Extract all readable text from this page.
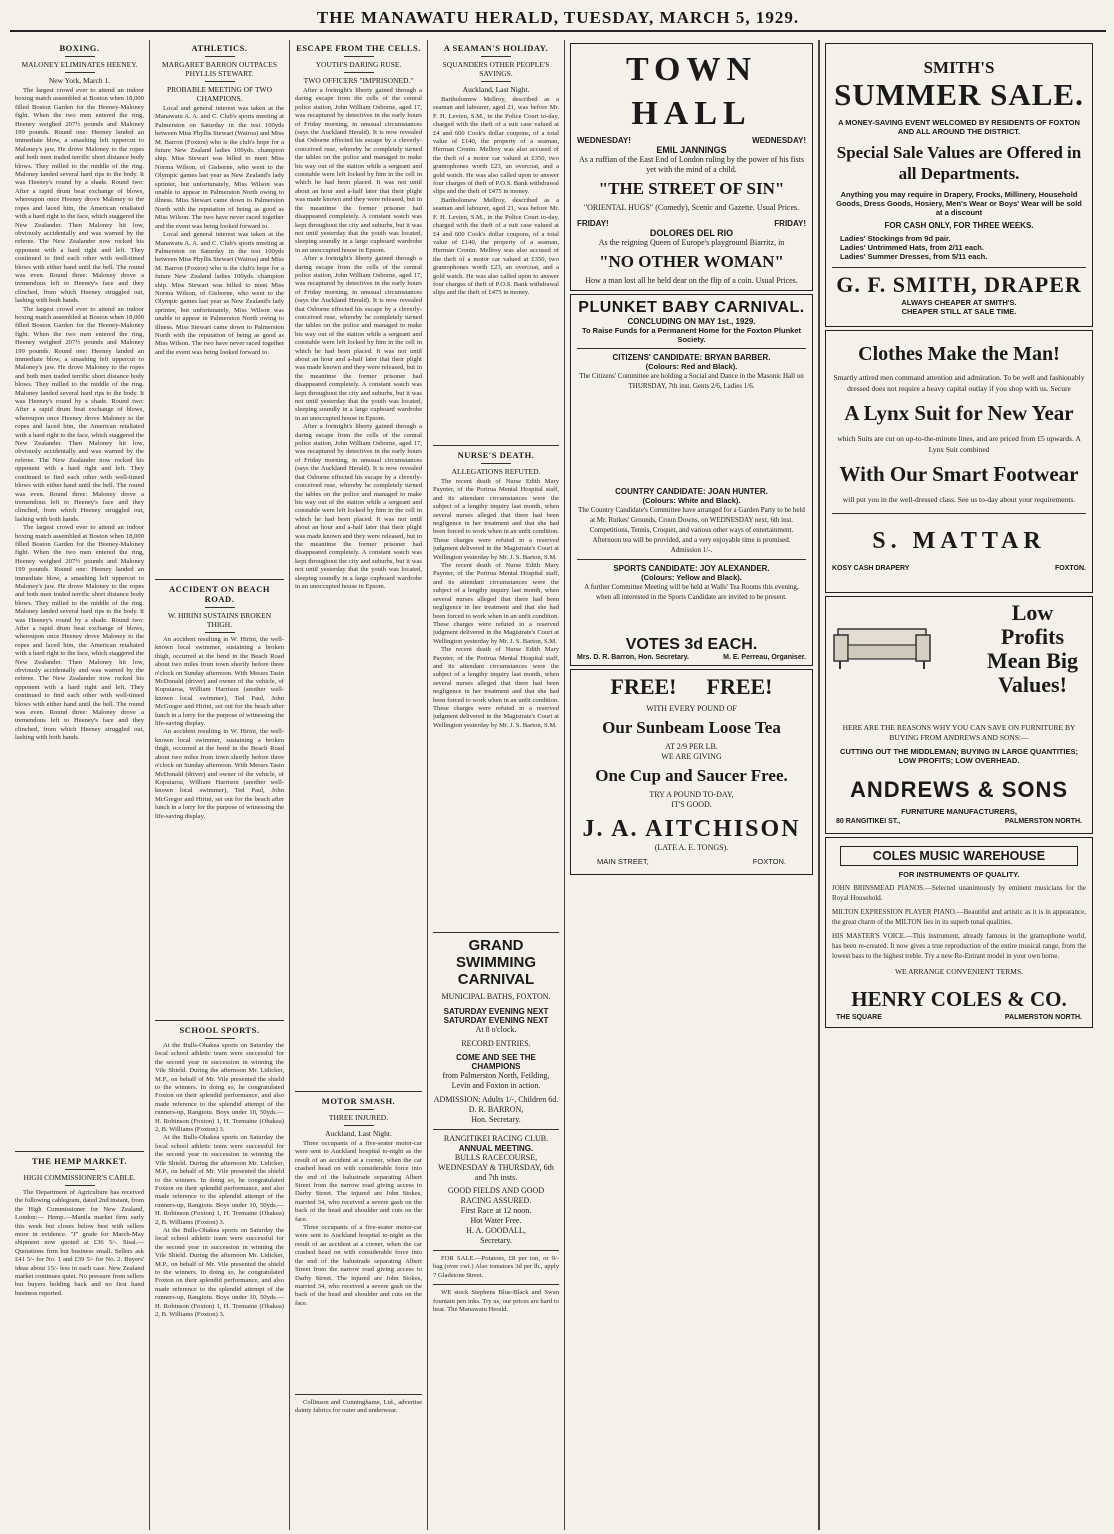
THE MANAWATU HERALD, TUESDAY, MARCH 5, 1929.
BOXING.
MALONEY ELIMINATES HEENEY.
New York, March 1.

The largest crowd ever to attend an indoor boxing match assembled at Boston when 18,000 filled Boston Garden for the Heeney-Maloney fight. When the two men entered the ring, Heeney weighed 207½ pounds and Maloney 199 pounds. Round one: Heeney landed an immediate blow, a smashing left uppercut to Maloney's jaw. He drove Maloney to the ropes and both men traded terrific short distance body blows. They milled to the middle of the ring. Maloney landed several hard rips to the body. It was Heeney's round by a shade. Round two: After a rapid drum beat exchange of blows, whereupon once Heeney drove Maloney to the ropes and laced him, the American retaliated with a hard right to the face, which staggered the New Zealander. Then Maloney hit low, obviously accidentally and was warned by the referee. The New Zealander now rocked his opponent with a hard right and left. They continued to find each other with well-timed blows with either hand until the bell. The round was even. Round three: Maloney drove a tremendous left to Heeney's face and they clinched, from which Heeney struggled out, lashing with both hands.

The largest crowd ever to attend an indoor boxing match assembled at Boston when 18,000 filled Boston Garden for the Heeney-Maloney fight. When the two men entered the ring, Heeney weighed 207½ pounds and Maloney 199 pounds. Round one: Heeney landed an immediate blow, a smashing left uppercut to Maloney's jaw. He drove Maloney to the ropes and both men traded terrific short distance body blows. They milled to the middle of the ring. Maloney landed several hard rips to the body. It was Heeney's round by a shade. Round two: After a rapid drum beat exchange of blows, whereupon once Heeney drove Maloney to the ropes and laced him, the American retaliated with a hard right to the face, which staggered the New Zealander. Then Maloney hit low, obviously accidentally and was warned by the referee. The New Zealander now rocked his opponent with a hard right and left. They continued to find each other with well-timed blows with either hand until the bell. The round was even. Round three: Maloney drove a tremendous left to Heeney's face and they clinched, from which Heeney struggled out, lashing with both hands.

The largest crowd ever to attend an indoor boxing match assembled at Boston when 18,000 filled Boston Garden for the Heeney-Maloney fight. When the two men entered the ring, Heeney weighed 207½ pounds and Maloney 199 pounds. Round one: Heeney landed an immediate blow, a smashing left uppercut to Maloney's jaw. He drove Maloney to the ropes and both men traded terrific short distance body blows. They milled to the middle of the ring. Maloney landed several hard rips to the body. It was Heeney's round by a shade. Round two: After a rapid drum beat exchange of blows, whereupon once Heeney drove Maloney to the ropes and laced him, the American retaliated with a hard right to the face, which staggered the New Zealander. Then Maloney hit low, obviously accidentally and was warned by the referee. The New Zealander now rocked his opponent with a hard right and left. They continued to find each other with well-timed blows with either hand until the bell. The round was even. Round three: Maloney drove a tremendous left to Heeney's face and they clinched, from which Heeney struggled out, lashing with both hands.

THE HEMP MARKET.
HIGH COMMISSIONER'S CABLE.

The Department of Agriculture has received the following cablegram, dated 2nd instant, from the High Commissioner for New Zealand, London:— Hemp.—Manila market firm early this week but closes below best with sellers more in evidence. "J" grade for March-May shipment now quoted at £36 5/-. Sisal.—Quotations firm but business small. Sellers ask £41 5/- for No. 1 and £39 5/- for No. 2. Buyers' ideas about 15/- less in each case. New Zealand market continues quiet. No pressure from sellers but buyers holding back and no first hand business reported.

ATHLETICS.
MARGARET BARRON OUTPACES PHYLLIS STEWART.
PROBABLE MEETING OF TWO CHAMPIONS.

Local and general interest was taken at the Manawatu A. A. and C. Club's sports meeting at Palmerston on Saturday in the test 100yds between Miss Phyllis Stewart (Wairoa) and Miss M. Barron (Foxton) who is the club's hope for a future New Zealand ladies 100yds. champion ship. Miss Stewart was billed to meet Miss Norma Wilson, of Gisborne, who went to the Olympic games last year as New Zealand's lady sprinter, but unfortunately, Miss Wilson was unable to appear in Palmerston North owing to illness. Miss Stewart came down to Palmerston North with the reputation of being as good as Miss Wilson. The two have never raced together and the event was being looked forward to.

Local and general interest was taken at the Manawatu A. A. and C. Club's sports meeting at Palmerston on Saturday in the test 100yds between Miss Phyllis Stewart (Wairoa) and Miss M. Barron (Foxton) who is the club's hope for a future New Zealand ladies 100yds. champion ship. Miss Stewart was billed to meet Miss Norma Wilson, of Gisborne, who went to the Olympic games last year as New Zealand's lady sprinter, but unfortunately, Miss Wilson was unable to appear in Palmerston North owing to illness. Miss Stewart came down to Palmerston North with the reputation of being as good as Miss Wilson. The two have never raced together and the event was being looked forward to.

ACCIDENT ON BEACH ROAD.
W. HIRINI SUSTAINS BROKEN THIGH.

An accident resulting in W. Hirini, the well-known local swimmer, sustaining a broken thigh, occurred at the bend in the Beach Road about two miles from town shortly before three o'clock on Sunday afternoon. With Messrs Tasin McDonald (driver) and owner of the vehicle, of Kopuiaroa, William Harrison (another well-known local swimmer), Ted Paul, John McGregor and Hirini, set out for the beach after lunch in a lorry for the purpose of witnessing the life-saving display.

An accident resulting in W. Hirini, the well-known local swimmer, sustaining a broken thigh, occurred at the bend in the Beach Road about two miles from town shortly before three o'clock on Sunday afternoon. With Messrs Tasin McDonald (driver) and owner of the vehicle, of Kopuiaroa, William Harrison (another well-known local swimmer), Ted Paul, John McGregor and Hirini, set out for the beach after lunch in a lorry for the purpose of witnessing the life-saving display.

SCHOOL SPORTS.

At the Bulls-Ohakea sports on Saturday the local school athletic team were successful for the second year in succession in winning the Vile Shield. During the afternoon Mr. Lidicker, M.P., on behalf of Mr. Vile presented the shield to the winners. In doing so, he congratulated Foxton on their splendid performance, and also made reference to the splendid attempt of the runners-up, Rangiotu. Boys under 10, 50yds.—H. Robinson (Foxton) 1, H. Tremaine (Ohakea) 2, B. Williams (Foxton) 3.

At the Bulls-Ohakea sports on Saturday the local school athletic team were successful for the second year in succession in winning the Vile Shield. During the afternoon Mr. Lidicker, M.P., on behalf of Mr. Vile presented the shield to the winners. In doing so, he congratulated Foxton on their splendid performance, and also made reference to the splendid attempt of the runners-up, Rangiotu. Boys under 10, 50yds.—H. Robinson (Foxton) 1, H. Tremaine (Ohakea) 2, B. Williams (Foxton) 3.

At the Bulls-Ohakea sports on Saturday the local school athletic team were successful for the second year in succession in winning the Vile Shield. During the afternoon Mr. Lidicker, M.P., on behalf of Mr. Vile presented the shield to the winners. In doing so, he congratulated Foxton on their splendid performance, and also made reference to the splendid attempt of the runners-up, Rangiotu. Boys under 10, 50yds.—H. Robinson (Foxton) 1, H. Tremaine (Ohakea) 2, B. Williams (Foxton) 3.

ESCAPE FROM THE CELLS.
YOUTH'S DARING RUSE.
TWO OFFICERS "IMPRISONED."

After a fortnight's liberty gained through a daring escape from the cells of the central police station, John William Osborne, aged 17, was recaptured by detectives in the early hours of Friday morning, in unusual circumstances (says the Auckland Herald). It is now revealed that Osborne effected his escape by a cleverly-conceived ruse, whereby he completely turned the tables on the police and managed to make his way out of the station while a sergeant and constable were left locked by him in the cell in which he had been placed. It was not until about an hour and a-half later that their plight was made known and they were released, but in the meantime the former prisoner had disappeared completely. A constant watch was kept throughout the city and suburbs, but it was not until yesterday that the youth was located, sleeping soundly in a large cupboard wardrobe in an unoccupied house in Epsom.

After a fortnight's liberty gained through a daring escape from the cells of the central police station, John William Osborne, aged 17, was recaptured by detectives in the early hours of Friday morning, in unusual circumstances (says the Auckland Herald). It is now revealed that Osborne effected his escape by a cleverly-conceived ruse, whereby he completely turned the tables on the police and managed to make his way out of the station while a sergeant and constable were left locked by him in the cell in which he had been placed. It was not until about an hour and a-half later that their plight was made known and they were released, but in the meantime the former prisoner had disappeared completely. A constant watch was kept throughout the city and suburbs, but it was not until yesterday that the youth was located, sleeping soundly in a large cupboard wardrobe in an unoccupied house in Epsom.

After a fortnight's liberty gained through a daring escape from the cells of the central police station, John William Osborne, aged 17, was recaptured by detectives in the early hours of Friday morning, in unusual circumstances (says the Auckland Herald). It is now revealed that Osborne effected his escape by a cleverly-conceived ruse, whereby he completely turned the tables on the police and managed to make his way out of the station while a sergeant and constable were left locked by him in the cell in which he had been placed. It was not until about an hour and a-half later that their plight was made known and they were released, but in the meantime the former prisoner had disappeared completely. A constant watch was kept throughout the city and suburbs, but it was not until yesterday that the youth was located, sleeping soundly in a large cupboard wardrobe in an unoccupied house in Epsom.

MOTOR SMASH.
THREE INJURED.
Auckland, Last Night.

Three occupants of a five-seater motor-car were sent to Auckland hospital to-night as the result of an accident at a corner, when the car crashed head on with considerable force into the end of the balustrade separating Albert Street from the narrow road giving access to Darby Street. The injured are John Stokes, married 34, who received a severe gash on the back of the head and shoulder and cuts on the face.

Three occupants of a five-seater motor-car were sent to Auckland hospital to-night as the result of an accident at a corner, when the car crashed head on with considerable force into the end of the balustrade separating Albert Street from the narrow road giving access to Darby Street. The injured are John Stokes, married 34, who received a severe gash on the back of the head and shoulder and cuts on the face.

Collinson and Cunninghame, Ltd., advertise dainty fabrics for outer and underwear.

A SEAMAN'S HOLIDAY.
SQUANDERS OTHER PEOPLE'S SAVINGS.
Auckland, Last Night.

Bartholomew Mellroy, described as a seaman and labourer, aged 21, was before Mr. F. H. Levien, S.M., in the Police Court to-day, charged with the theft of a suit case valued at £4 and 600 Cook's dollar coupons, of a total value of £140, the property of a seaman, Herman Cronin. Mellroy was also accused of the theft of a motor car valued at £350, two gramophones worth £23, an overcoat, and a gold watch. He was also called upon to answer four charges of theft of P.O.S. Bank withdrawal slips and the theft of £475 in money.

Bartholomew Mellroy, described as a seaman and labourer, aged 21, was before Mr. F. H. Levien, S.M., in the Police Court to-day, charged with the theft of a suit case valued at £4 and 600 Cook's dollar coupons, of a total value of £140, the property of a seaman, Herman Cronin. Mellroy was also accused of the theft of a motor car valued at £350, two gramophones worth £23, an overcoat, and a gold watch. He was also called upon to answer four charges of theft of P.O.S. Bank withdrawal slips and the theft of £475 in money.

NURSE'S DEATH.
ALLEGATIONS REFUTED.

The recent death of Nurse Edith Mary Paynter, of the Porirua Mental Hospital staff, and its attendant circumstances were the subject of a lengthy inquiry last month, when several nurses alleged that there had been negligence in her treatment and that she had been forced to work when in an unfit condition. These charges were refuted in a reserved judgment delivered in the Magistrate's Court at Wellington yesterday by Mr. J. S. Barton, S.M.

The recent death of Nurse Edith Mary Paynter, of the Porirua Mental Hospital staff, and its attendant circumstances were the subject of a lengthy inquiry last month, when several nurses alleged that there had been negligence in her treatment and that she had been forced to work when in an unfit condition. These charges were refuted in a reserved judgment delivered in the Magistrate's Court at Wellington yesterday by Mr. J. S. Barton, S.M.

The recent death of Nurse Edith Mary Paynter, of the Porirua Mental Hospital staff, and its attendant circumstances were the subject of a lengthy inquiry last month, when several nurses alleged that there had been negligence in her treatment and that she had been forced to work when in an unfit condition. These charges were refuted in a reserved judgment delivered in the Magistrate's Court at Wellington yesterday by Mr. J. S. Barton, S.M.

GRAND SWIMMING
CARNIVAL
MUNICIPAL BATHS, FOXTON.
SATURDAY EVENING NEXT
SATURDAY EVENING NEXT
At 8 o'clock.
RECORD ENTRIES.
COME AND SEE THE CHAMPIONS
from Palmerston North, Feilding, Levin and Foxton in action.
ADMISSION: Adults 1/-, Children 6d.
D. R. BARRON,
Hon. Secretary.
RANGITIKEI RACING CLUB.
ANNUAL MEETING.
BULLS RACECOURSE, WEDNESDAY & THURSDAY, 6th and 7th insts.
GOOD FIELDS AND GOOD RACING ASSURED.
First Race at 12 noon.
Hot Water Free.
H. A. GOODALL,
Secretary.

FOR SALE.—Potatoes, £8 per ton, or 9/- bag (over cwt.) Also tomatoes 3d per lb., apply 7 Gladstone Street.

WE stock Stephens Blue-Black and Swan fountain pen inks. Try us, our prices are hard to beat. The Manawatu Herald.

TOWN HALL
WEDNESDAY!	WEDNESDAY!
EMIL JANNINGS
As a ruffian of the East End of London ruling by the power of his fists yet with the mind of a child.
"THE STREET OF SIN"
"ORIENTAL HUGS" (Comedy), Scenic and Gazette. Usual Prices.
FRIDAY!	FRIDAY!
DOLORES DEL RIO
As the reigning Queen of Europe's playground Biarritz, in
"NO OTHER WOMAN"
How a man lost all he held dear on the flip of a coin. Usual Prices.
PLUNKET BABY CARNIVAL.
CONCLUDING ON MAY 1st., 1929.
To Raise Funds for a Permanent Home for the Foxton Plunket Society.
CITIZENS' CANDIDATE: BRYAN BARBER.
(Colours: Red and Black).
The Citizens' Committee are holding a Social and Dance in the Masonic Hall on THURSDAY, 7th inst. Gents 2/6, Ladies 1/6.
COUNTRY CANDIDATE: JOAN HUNTER.
(Colours: White and Black).
The Country Candidate's Committee have arranged for a Garden Party to be held at Mr. Rutkes' Grounds, Croun Downs, on WEDNESDAY next, 6th inst. Competitions, Tennis, Croquet, and various other ways of entertainment. Afternoon tea will be provided, and a very enjoyable time is promised. Admission 1/-.
SPORTS CANDIDATE: JOY ALEXANDER.
(Colours: Yellow and Black).
A further Committee Meeting will be held at Walls' Tea Rooms this evening, when all interested in the Sports Candidate are invited to be present.
VOTES 3d EACH.
Mrs. D. R. Barron, Hon. Secretary.	M. E. Perreau, Organiser.
FREE! FREE!
WITH EVERY POUND OF
Our Sunbeam Loose Tea
AT 2/9 PER LB.
WE ARE GIVING
One Cup and Saucer Free.
TRY A POUND TO-DAY,
IT'S GOOD.
J. A. AITCHISON
(LATE A. E. TONGS).
MAIN STREET,	FOXTON.
SMITH'S
SUMMER SALE.
A MONEY-SAVING EVENT WELCOMED BY RESIDENTS OF FOXTON AND ALL AROUND THE DISTRICT.
Special Sale Values are Offered in all Departments.
Anything you may require in Drapery, Frocks, Millinery, Household Goods, Dress Goods, Hosiery, Men's Wear or Boys' Wear will be sold at a discount
FOR CASH ONLY, FOR THREE WEEKS.
Ladies' Stockings from 9d pair.
Ladies' Untrimmed Hats, from 2/11 each.
Ladies' Summer Dresses, from 5/11 each.
G. F. SMITH, DRAPER
ALWAYS CHEAPER AT SMITH'S.
CHEAPER STILL AT SALE TIME.
Clothes Make the Man!
Smartly attired men command attention and admiration. To be well and fashionably dressed does not require a heavy capital outlay if you shop with us. Secure
A Lynx Suit for New Year
which Suits are cut on up-to-the-minute lines, and are priced from £5 upwards. A Lynx Suit combined
With Our Smart Footwear
will put you in the well-dressed class. See us to-day about your requirements.
S. MATTAR
KOSY CASH DRAPERY	FOXTON.
Low
Profits
Mean Big
Values!
HERE ARE THE REASONS WHY YOU CAN SAVE ON FURNITURE BY BUYING FROM ANDREWS AND SONS:—
CUTTING OUT THE MIDDLEMAN; BUYING IN LARGE QUANTITIES; LOW PROFITS; LOW OVERHEAD.
ANDREWS & SONS
FURNITURE MANUFACTURERS,
80 RANGITIKEI ST.,	PALMERSTON NORTH.
COLES MUSIC WAREHOUSE
FOR INSTRUMENTS OF QUALITY.
JOHN BRINSMEAD PIANOS.—Selected unanimously by eminent musicians for the Royal Household.
MILTON EXPRESSION PLAYER PIANO.—Beautiful and artistic as it is in appearance, the great charm of the MILTON lies in its superb tonal qualities.
HIS MASTER'S VOICE.—This instrument, already famous in the gramophone world, has been re-created. It now gives a true reproduction of the entire musical range, from the lowest bass to the highest treble. Try a new Re-Entrant model in your own home.
WE ARRANGE CONVENIENT TERMS.
HENRY COLES & CO.
THE SQUARE	PALMERSTON NORTH.
